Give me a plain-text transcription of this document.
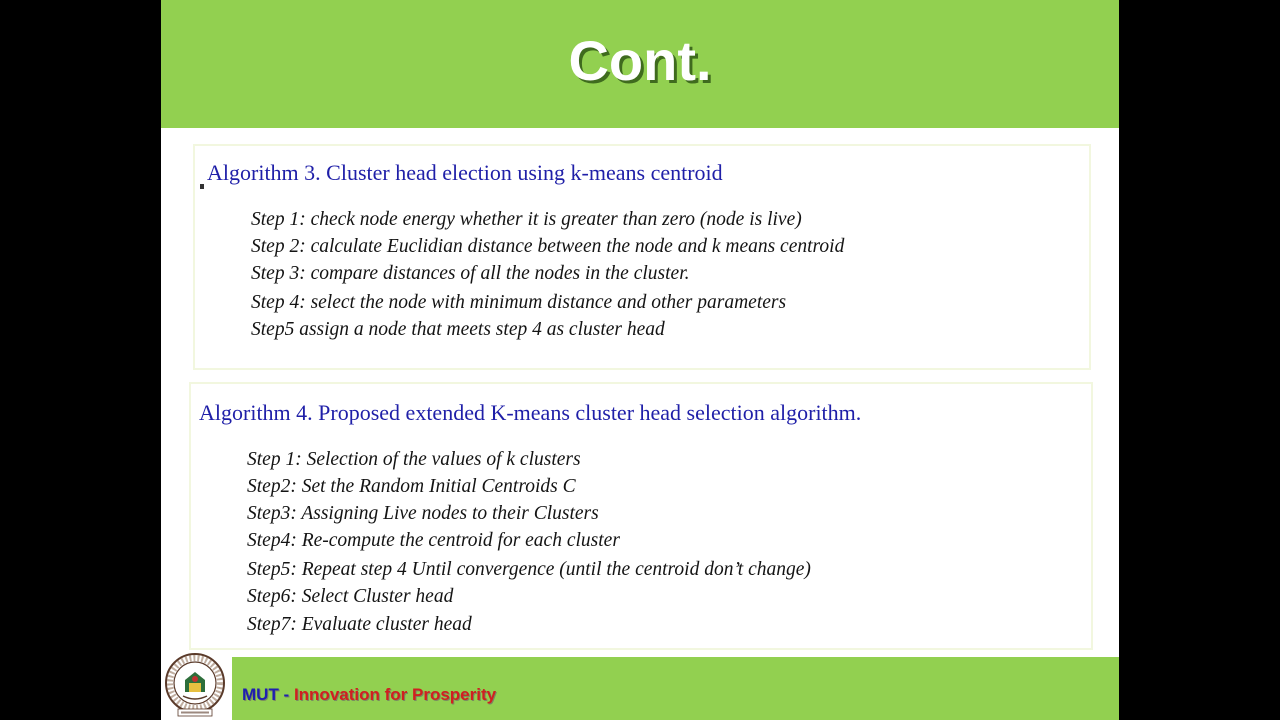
Cont.
Algorithm 3. Cluster head election using k-means centroid
Step 1: check node energy whether it is greater than zero (node is live)
Step 2: calculate Euclidian distance between the node and k means centroid
Step 3: compare distances of all the nodes in the cluster.
Step 4: select the node with minimum distance and other parameters
Step5 assign a node that meets step 4 as cluster head
Algorithm 4. Proposed extended K-means cluster head selection algorithm.
Step 1: Selection of the values of k clusters
Step2: Set the Random Initial Centroids C
Step3: Assigning Live nodes to their Clusters
Step4: Re-compute the centroid for each cluster
Step5: Repeat step 4 Until convergence (until the centroid don’t change)
Step6: Select Cluster head
Step7: Evaluate cluster head
MUT - Innovation for Prosperity
